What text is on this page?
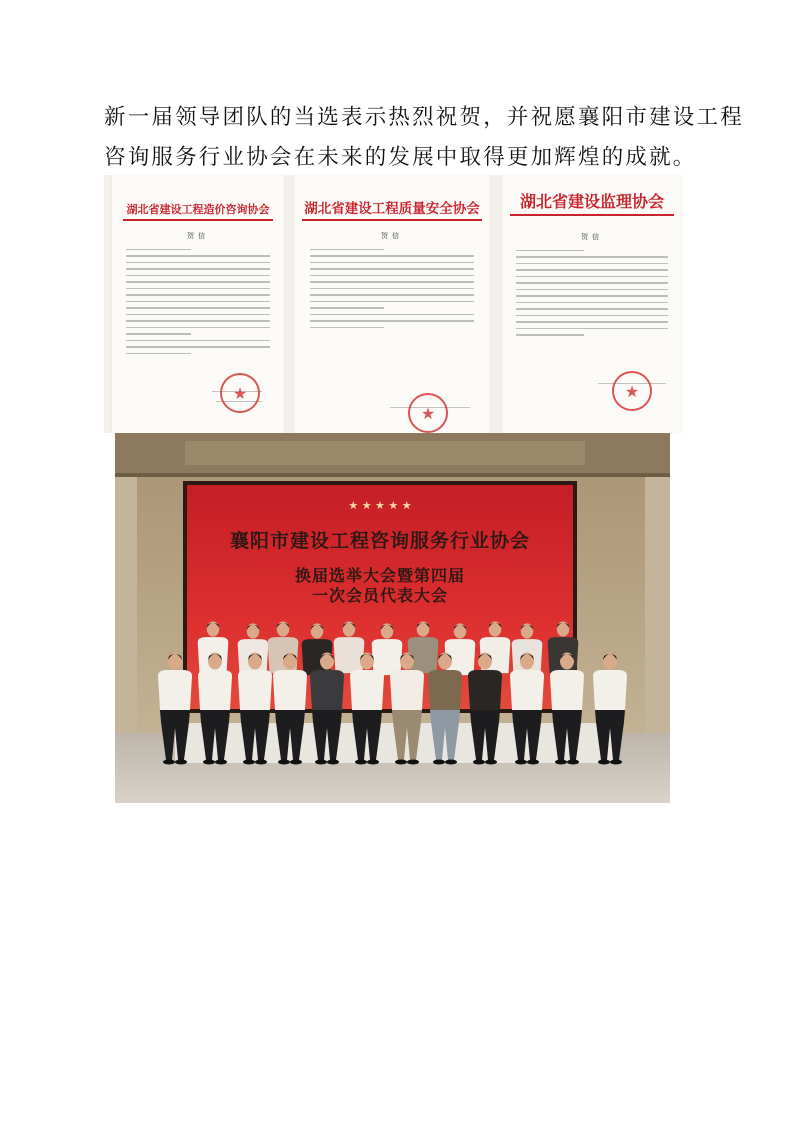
新一届领导团队的当选表示热烈祝贺，并祝愿襄阳市建设工程

咨询服务行业协会在未来的发展中取得更加辉煌的成就。

湖北省建设工程造价咨询协会
贺信
★
湖北省建设工程质量安全协会
贺信
★
湖北省建设监理协会
贺信
★
★ ★ ★ ★ ★
襄阳市建设工程咨询服务行业协会
换届选举大会暨第四届
一次会员代表大会
